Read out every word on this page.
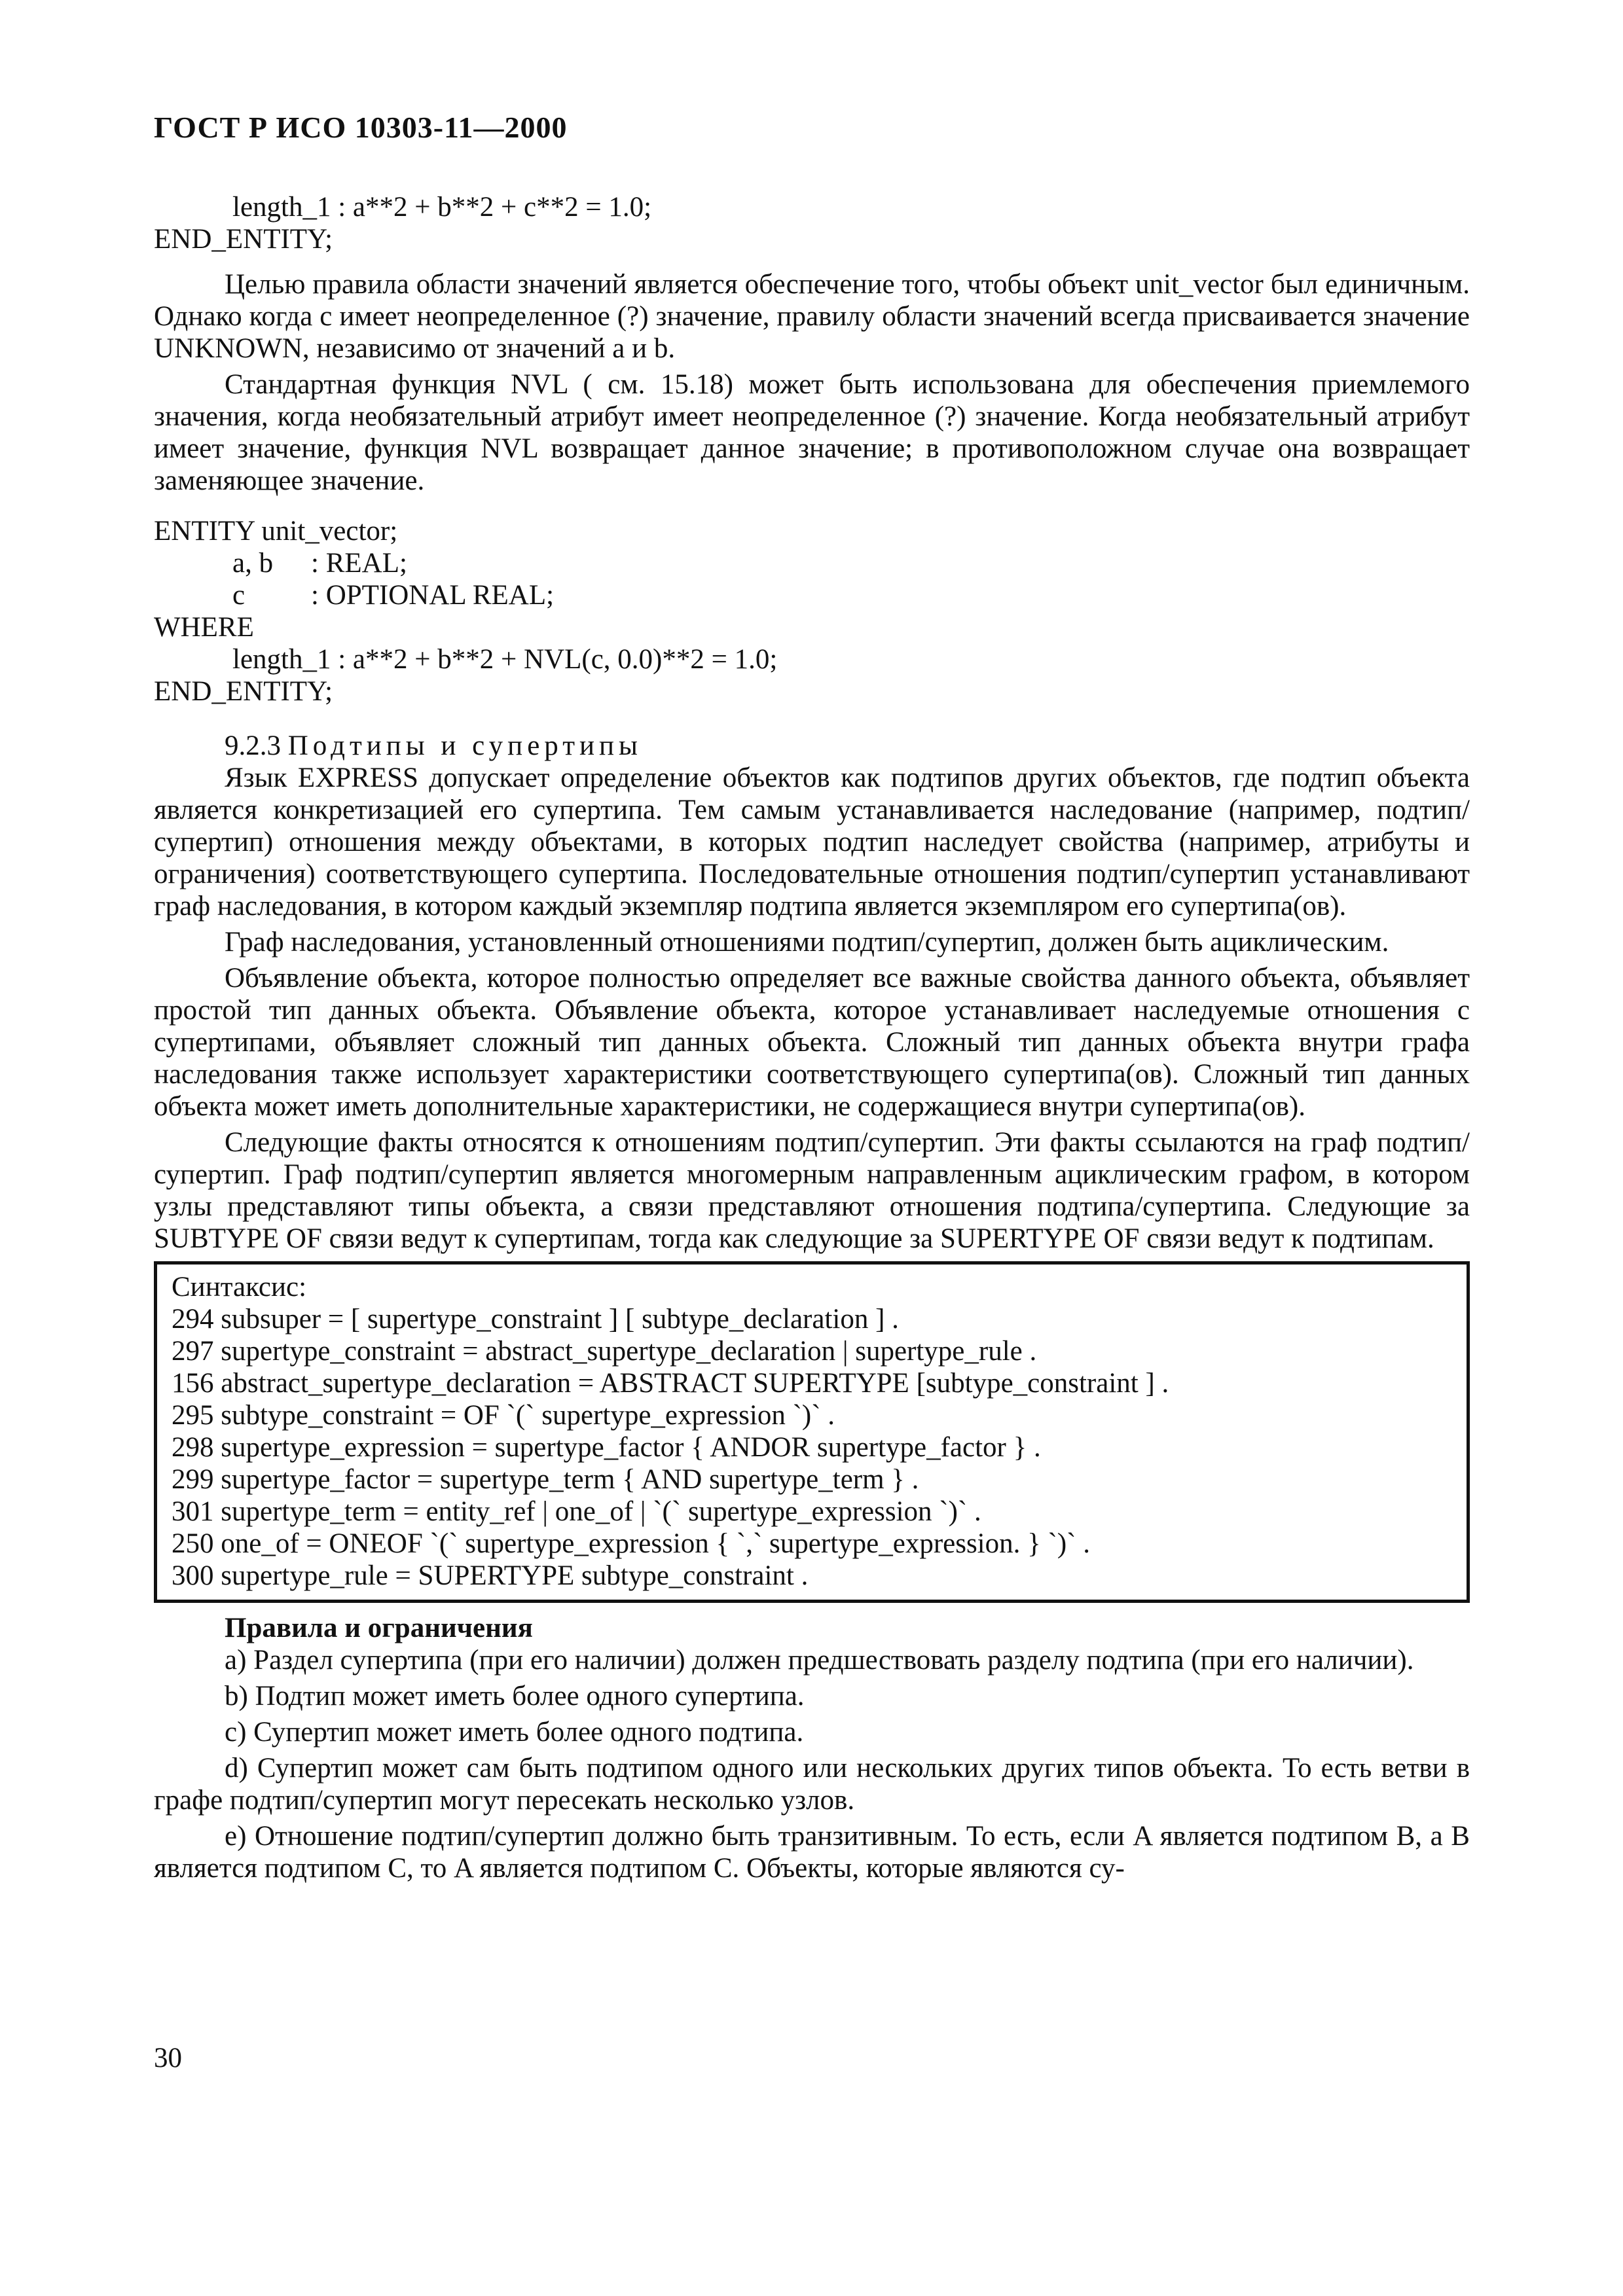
ГОСТ Р ИСО 10303-11—2000
length_1 : a**2 + b**2 + c**2 = 1.0;
END_ENTITY;

Целью правила области значений является обеспечение того, чтобы объект unit_vector был единичным. Однако когда c имеет неопределенное (?) значение, правилу области значений всегда присваивается значение UNKNOWN, независимо от значений a и b.

Стандартная функция NVL ( см. 15.18) может быть использована для обеспечения приемлемого значения, когда необязательный атрибут имеет неопределенное (?) значение. Когда необязательный атрибут имеет значение, функция NVL возвращает данное значение; в противоположном случае она возвращает заменяющее значение.

ENTITY unit_vector;
a, b : REAL;
c : OPTIONAL REAL;
WHERE
length_1 : a**2 + b**2 + NVL(c, 0.0)**2 = 1.0;
END_ENTITY;
9.2.3 Подтипы и супертипы

Язык EXPRESS допускает определение объектов как подтипов других объектов, где подтип объекта является конкретизацией его супертипа. Тем самым устанавливается наследование (например, подтип/супертип) отношения между объектами, в которых подтип наследует свойства (например, атрибуты и ограничения) соответствующего супертипа. Последовательные отношения подтип/супертип устанавливают граф наследования, в котором каждый экземпляр подтипа является экземпляром его супертипа(ов).

Граф наследования, установленный отношениями подтип/супертип, должен быть ациклическим.

Объявление объекта, которое полностью определяет все важные свойства данного объекта, объявляет простой тип данных объекта. Объявление объекта, которое устанавливает наследуемые отношения с супертипами, объявляет сложный тип данных объекта. Сложный тип данных объекта внутри графа наследования также использует характеристики соответствующего супертипа(ов). Сложный тип данных объекта может иметь дополнительные характеристики, не содержащиеся внутри супертипа(ов).

Следующие факты относятся к отношениям подтип/супертип. Эти факты ссылаются на граф подтип/супертип. Граф подтип/супертип является многомерным направленным ациклическим графом, в котором узлы представляют типы объекта, а связи представляют отношения подтипа/супертипа. Следующие за SUBTYPE OF связи ведут к супертипам, тогда как следующие за SUPERTYPE OF связи ведут к подтипам.

Синтаксис:
294 subsuper = [ supertype_constraint ] [ subtype_declaration ] .
297 supertype_constraint = abstract_supertype_declaration | supertype_rule .
156 abstract_supertype_declaration = ABSTRACT SUPERTYPE [subtype_constraint ] .
295 subtype_constraint = OF `(` supertype_expression `)` .
298 supertype_expression = supertype_factor { ANDOR supertype_factor } .
299 supertype_factor = supertype_term { AND supertype_term } .
301 supertype_term = entity_ref | one_of | `(` supertype_expression `)` .
250 one_of = ONEOF `(` supertype_expression { `,` supertype_expression. } `)` .
300 supertype_rule = SUPERTYPE subtype_constraint .
Правила и ограничения

a) Раздел супертипа (при его наличии) должен предшествовать разделу подтипа (при его наличии).

b) Подтип может иметь более одного супертипа.

c) Супертип может иметь более одного подтипа.

d) Супертип может сам быть подтипом одного или нескольких других типов объекта. То есть ветви в графе подтип/супертип могут пересекать несколько узлов.

e) Отношение подтип/супертип должно быть транзитивным. То есть, если A является подтипом B, а B является подтипом C, то A является подтипом C. Объекты, которые являются су-

30
